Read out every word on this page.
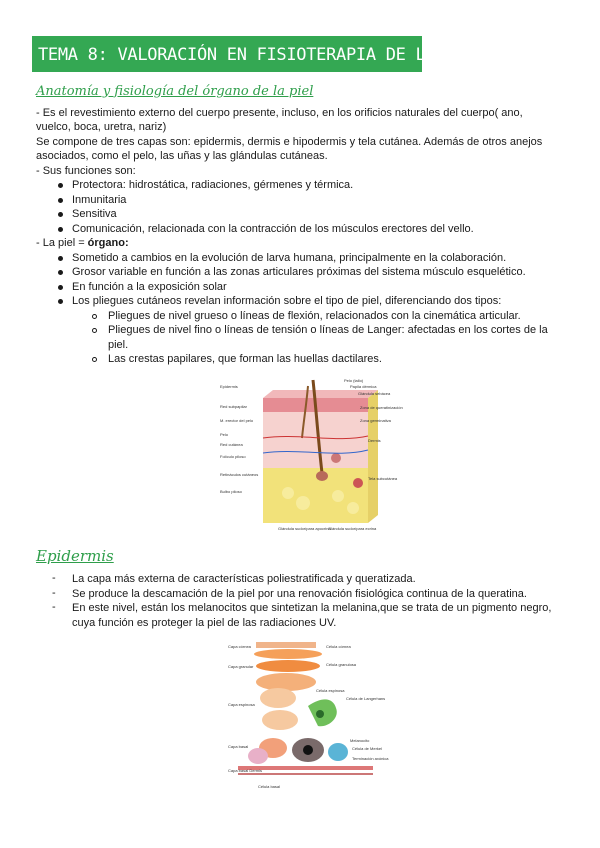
TEMA 8: VALORACIÓN EN FISIOTERAPIA DE LA PIEL
Anatomía y fisiología del órgano de la piel
- Es el revestimiento externo del cuerpo presente, incluso, en los orificios naturales del cuerpo( ano,
vuelco, boca, uretra, nariz)
Se compone de tres capas son: epidermis, dermis e hipodermis y tela cutánea. Además de otros anejos
asociados, como el pelo, las uñas y las glándulas cutáneas.
- Sus funciones son:
Protectora: hidrostática, radiaciones, gérmenes y térmica.
Inmunitaria
Sensitiva
Comunicación, relacionada con la contracción de los músculos erectores del vello.
- La piel = órgano:
Sometido a cambios en la evolución de larva humana, principalmente en la colaboración.
Grosor variable en función a las zonas articulares próximas del sistema músculo esquelético.
En función a la exposición solar
Los pliegues cutáneos revelan información sobre el tipo de piel, diferenciando dos tipos:
Pliegues de nivel grueso o líneas de flexión, relacionados con la cinemática articular.
Pliegues de nivel fino o líneas de tensión o líneas de Langer: afectadas en los cortes de la
piel.
Las crestas papilares, que forman las huellas dactilares.
Epidermis
Red subpapilar
M. erector del pelo
Pelo
Red cutánea
Folículo piloso
Retináculos cutáneos
Bulbo piloso
Pelo (tallo)
Papila dérmica
Glándula sebácea
Zona de queratinización
Zona germinativa
Dermis
Tela subcutánea
Glándula sudorípara apocrina
Glándula sudorípara ecrina
Epidermis
- La capa más externa de características poliestratificada y queratizada.
- Se produce la descamación de la piel por una renovación fisiológica continua de la queratina.
- En este nivel, están los melanocitos que sintetizan la melanina,que se trata de un pigmento negro,
cuya función es proteger la piel de las radiaciones UV.
Capa córnea
Capa granular
Capa espinosa
Capa basal
Capa basal Dermis
Célula córnea
Célula granulosa
Célula espinosa
Célula de Langerhans
Melanocito
Célula de Merkel
Terminación axónica
Célula basal
